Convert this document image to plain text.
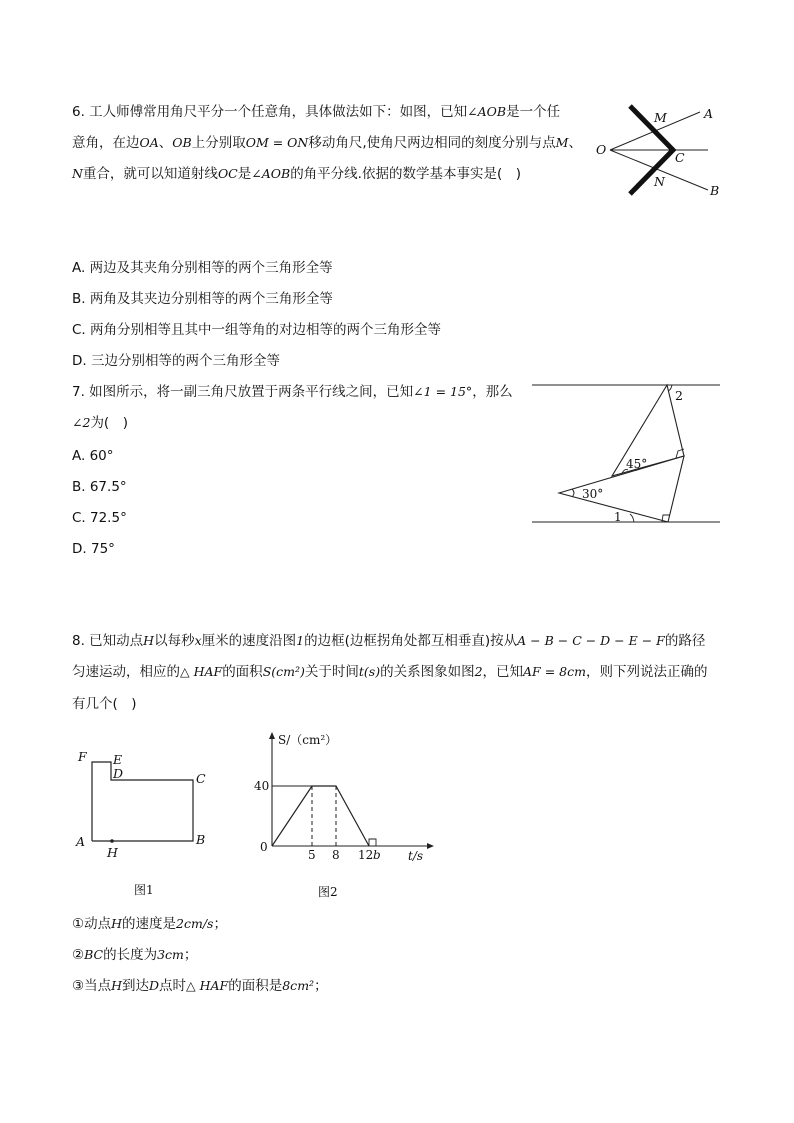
6. 工人师傅常用角尺平分一个任意角，具体做法如下：如图，已知∠AOB是一个任
意角，在边OA、OB上分别取OM = ON移动角尺,使角尺两边相同的刻度分别与点M、
N重合，就可以知道射线OC是∠AOB的角平分线.依据的数学基本事实是(　)
M	A
O
C
N
B
A. 两边及其夹角分别相等的两个三角形全等
B. 两角及其夹边分别相等的两个三角形全等
C. 两角分别相等且其中一组等角的对边相等的两个三角形全等
D. 三边分别相等的两个三角形全等
7. 如图所示，将一副三角尺放置于两条平行线之间，已知∠1 = 15°，那么
∠2为(　)
A. 60°
B. 67.5°
C. 72.5°
D. 75°
2
45°
30°
1
8. 已知动点H以每秒x厘米的速度沿图1的边框(边框拐角处都互相垂直)按从A − B − C − D − E − F的路径
匀速运动，相应的△ HAF的面积S(cm²)关于时间t(s)的关系图象如图2，已知AF = 8cm，则下列说法正确的
有几个(　)
F E
D	C
A
H
B
图1
S/（cm²）
40
0
5 8 12 b t/s
图2
①动点H的速度是2cm/s；
②BC的长度为3cm；
③当点H到达D点时△ HAF的面积是8cm²；
